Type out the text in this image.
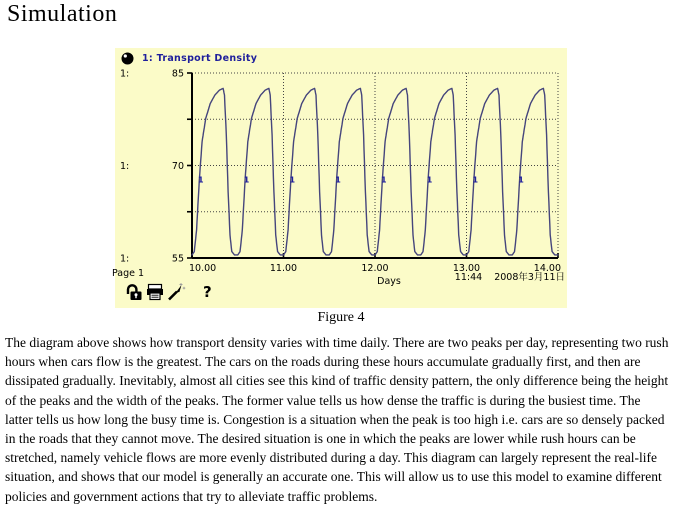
Simulation
1: Transport Density
85
1:
70
1:
55
1:
10.00	11.00	12.00	13.00	14.00
Days
1	1	1	1	1	1	1	1
Page 1	11:44 2008年3月11日
?
Figure 4
The diagram above shows how transport density varies with time daily. There are two peaks per day, representing two rush hours when cars flow is the greatest. The cars on the roads during these hours accumulate gradually first, and then are dissipated gradually. Inevitably, almost all cities see this kind of traffic density pattern, the only difference being the height of the peaks and the width of the peaks. The former value tells us how dense the traffic is during the busiest time. The latter tells us how long the busy time is. Congestion is a situation when the peak is too high i.e. cars are so densely packed in the roads that they cannot move. The desired situation is one in which the peaks are lower while rush hours can be stretched, namely vehicle flows are more evenly distributed during a day. This diagram can largely represent the real-life situation, and shows that our model is generally an accurate one. This will allow us to use this model to examine different policies and government actions that try to alleviate traffic problems.
